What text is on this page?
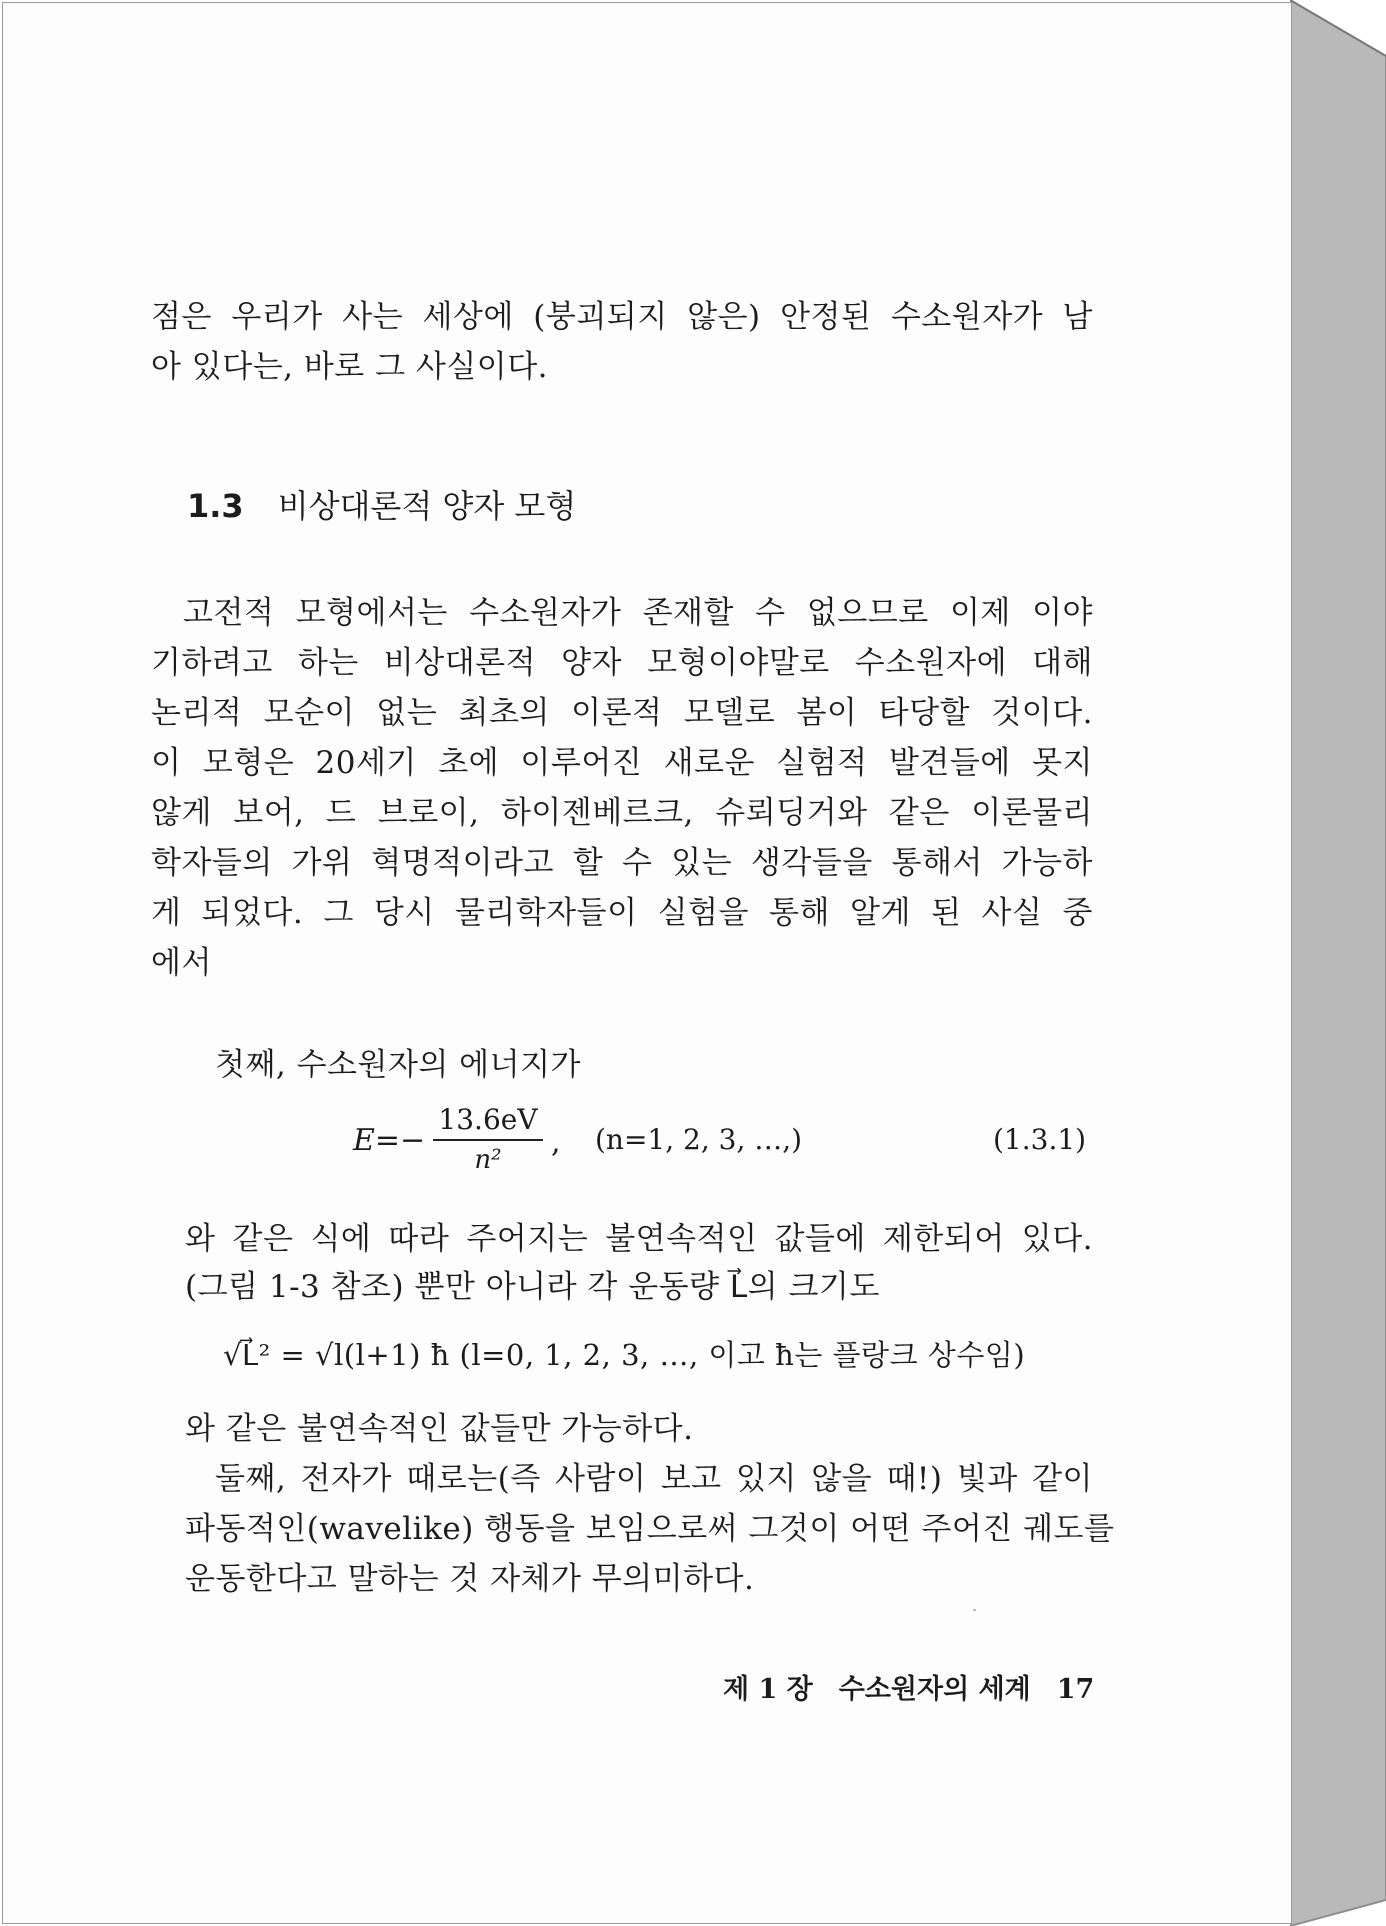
점은 우리가 사는 세상에 (붕괴되지 않은) 안정된 수소원자가 남
아 있다는, 바로 그 사실이다.
1.3 비상대론적 양자 모형
고전적 모형에서는 수소원자가 존재할 수 없으므로 이제 이야
기하려고 하는 비상대론적 양자 모형이야말로 수소원자에 대해
논리적 모순이 없는 최초의 이론적 모델로 봄이 타당할 것이다.
이 모형은 20세기 초에 이루어진 새로운 실험적 발견들에 못지
않게 보어, 드 브로이, 하이젠베르크, 슈뢰딩거와 같은 이론물리
학자들의 가위 혁명적이라고 할 수 있는 생각들을 통해서 가능하
게 되었다. 그 당시 물리학자들이 실험을 통해 알게 된 사실 중
에서
첫째, 수소원자의 에너지가
E=−
13.6eV
n²	, (n=1, 2, 3, …,)	(1.3.1)
와 같은 식에 따라 주어지는 불연속적인 값들에 제한되어 있다.
(그림 1-3 참조) 뿐만 아니라 각 운동량 L⃗의 크기도
√L⃗² = √l(l+1) ħ (l=0, 1, 2, 3, …, 이고 ħ는 플랑크 상수임)
와 같은 불연속적인 값들만 가능하다.
둘째, 전자가 때로는(즉 사람이 보고 있지 않을 때!) 빛과 같이
파동적인(wavelike) 행동을 보임으로써 그것이 어떤 주어진 궤도를
운동한다고 말하는 것 자체가 무의미하다.
제 1 장 수소원자의 세계 17
